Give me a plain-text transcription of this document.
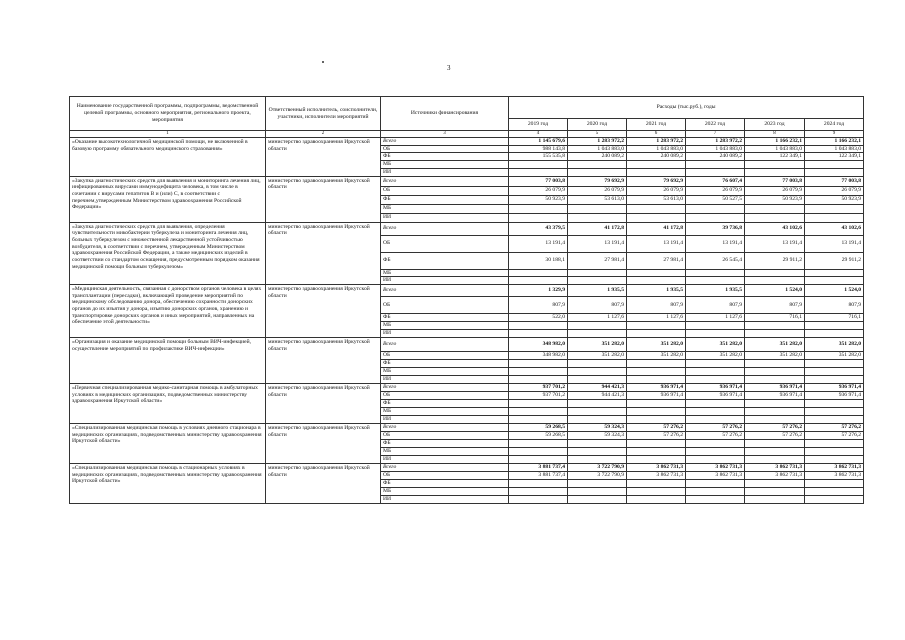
3
Наименование государственной программы, подпрограммы, ведомственной целевой программы, основного мероприятия, регионального проекта, мероприятия	Ответственный исполнитель, соисполнители, участники, исполнители мероприятий	Источники финансирования	Расходы (тыс.руб.), годы					
			2019 год	2020 год	2021 год	2022 год	2023 год	2024 год
1	2	3	4	5	6	7	8	9
«Оказание высокотехнологичной медицинской помощи, не включенной в базовую программу обязательного медицинского страхования»	министерство здравоохранения Иркутской области	Всего	1 145 679,6	1 283 972,2	1 283 972,2	1 283 972,2	1 166 232,1	1 166 232,1
		ОБ	988 143,8	1 043 883,0	1 043 883,0	1 043 883,0	1 043 883,0	1 043 883,0
		ФБ	155 535,8	240 089,2	240 089,2	240 089,2	122 349,1	122 349,1
		МБ						
		ИИ						
«Закупка диагностических средств для выявления и мониторинга лечения лиц, инфицированных вирусами иммунодефицита человека, в том числе в сочетании с вирусами гепатитов В и (или) С, в соответствии с перечнем,утвержденным Министерством здравоохранения Российской Федерации»	министерство здравоохранения Иркутской области	Всего	77 003,8	79 692,9	79 692,9	76 607,4	77 003,8	77 003,8
		ОБ	26 079,9	26 079,9	26 079,9	26 079,9	26 079,9	26 079,9
		ФБ	50 923,9	53 613,0	53 613,0	50 527,5	50 923,9	50 923,9
		МБ						
		ИИ						
«Закупка диагностических средств для выявления, определения чувствительности микобактерии туберкулеза и мониторинга лечения лиц, больных туберкулезом с множественной лекарственной устойчивостью возбудителя, в соответствии с перечнем, утвержденным Министерством здравоохранения Российской Федерации, а также медицинских изделий в соответствии со стандартом оснащения, предусмотренным порядком оказания медицинской помощи больным туберкулезом»	министерство здравоохранения Иркутской области	Всего	43 379,5	41 172,8	41 172,8	39 736,8	43 102,6	43 102,6
		ОБ	13 191,4	13 191,4	13 191,4	13 191,4	13 191,4	13 191,4
		ФБ	30 188,1	27 981,4	27 981,4	26 545,4	29 911,2	29 911,2
		МБ						
		ИИ						
«Медицинская деятельность, связанная с донорством органов человека в целях трансплантации (пересадки), включающей проведение мероприятий по медицинскому обследованию донора, обеспечению сохранности донорских органов до их изъятия у донора, изъятию донорских органов, хранению и транспортировке донорских органов и иных мероприятий, направленных на обеспечение этой деятельности»	министерство здравоохранения Иркутской области	Всего	1 329,9	1 935,5	1 935,5	1 935,5	1 524,0	1 524,0
		ОБ	807,9	807,9	807,9	807,9	807,9	807,9
		ФБ	522,0	1 127,6	1 127,6	1 127,6	716,1	716,1
		МБ						
		ИИ						
«Организация и оказание медицинской помощи больным ВИЧ-инфекцией, осуществление мероприятий по профилактике ВИЧ-инфекции»	министерство здравоохранения Иркутской области	Всего	348 982,0	351 282,0	351 282,0	351 282,0	351 282,0	351 282,0
		ОБ	348 982,0	351 282,0	351 282,0	351 282,0	351 282,0	351 282,0
		ФБ						
		МБ						
		ИИ						
«Первичная специализированная медико-санитарная помощь в амбулаторных условиях в медицинских организациях, подведомственных министерству здравоохранения Иркутской области»	министерство здравоохранения Иркутской области	Всего	937 701,2	944 421,3	936 971,4	936 971,4	936 971,4	936 971,4
		ОБ	937 701,2	944 421,3	936 971,4	936 971,4	936 971,4	936 971,4
		ФБ						
		МБ						
		ИИ						
«Специализированная медицинская помощь в условиях дневного стационара в медицинских организациях, подведомственных министерству здравоохранения Иркутской области»	министерство здравоохранения Иркутской области	Всего	59 268,5	59 324,3	57 276,2	57 276,2	57 276,2	57 276,2
		ОБ	59 268,5	59 324,3	57 276,2	57 276,2	57 276,2	57 276,2
		ФБ						
		МБ						
		ИИ						
«Специализированная медицинская помощь в стационарных условиях в медицинских организациях, подведомственных министерству здравоохранения Иркутской области»	министерство здравоохранения Иркутской области	Всего	3 881 737,4	3 722 790,9	3 862 731,3	3 862 731,3	3 862 731,3	3 862 731,3
		ОБ	3 881 737,4	3 722 790,9	3 862 731,3	3 862 731,3	3 862 731,3	3 862 731,3
		ФБ						
		МБ						
		ИИ						
